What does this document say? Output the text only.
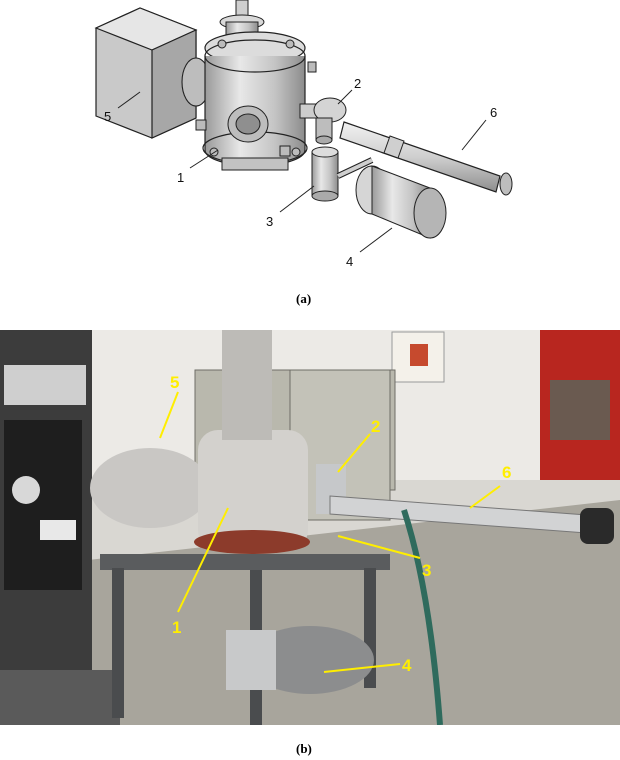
5
1
2
3
4
6
(a)
5
1
2
3
4
6
(b)
